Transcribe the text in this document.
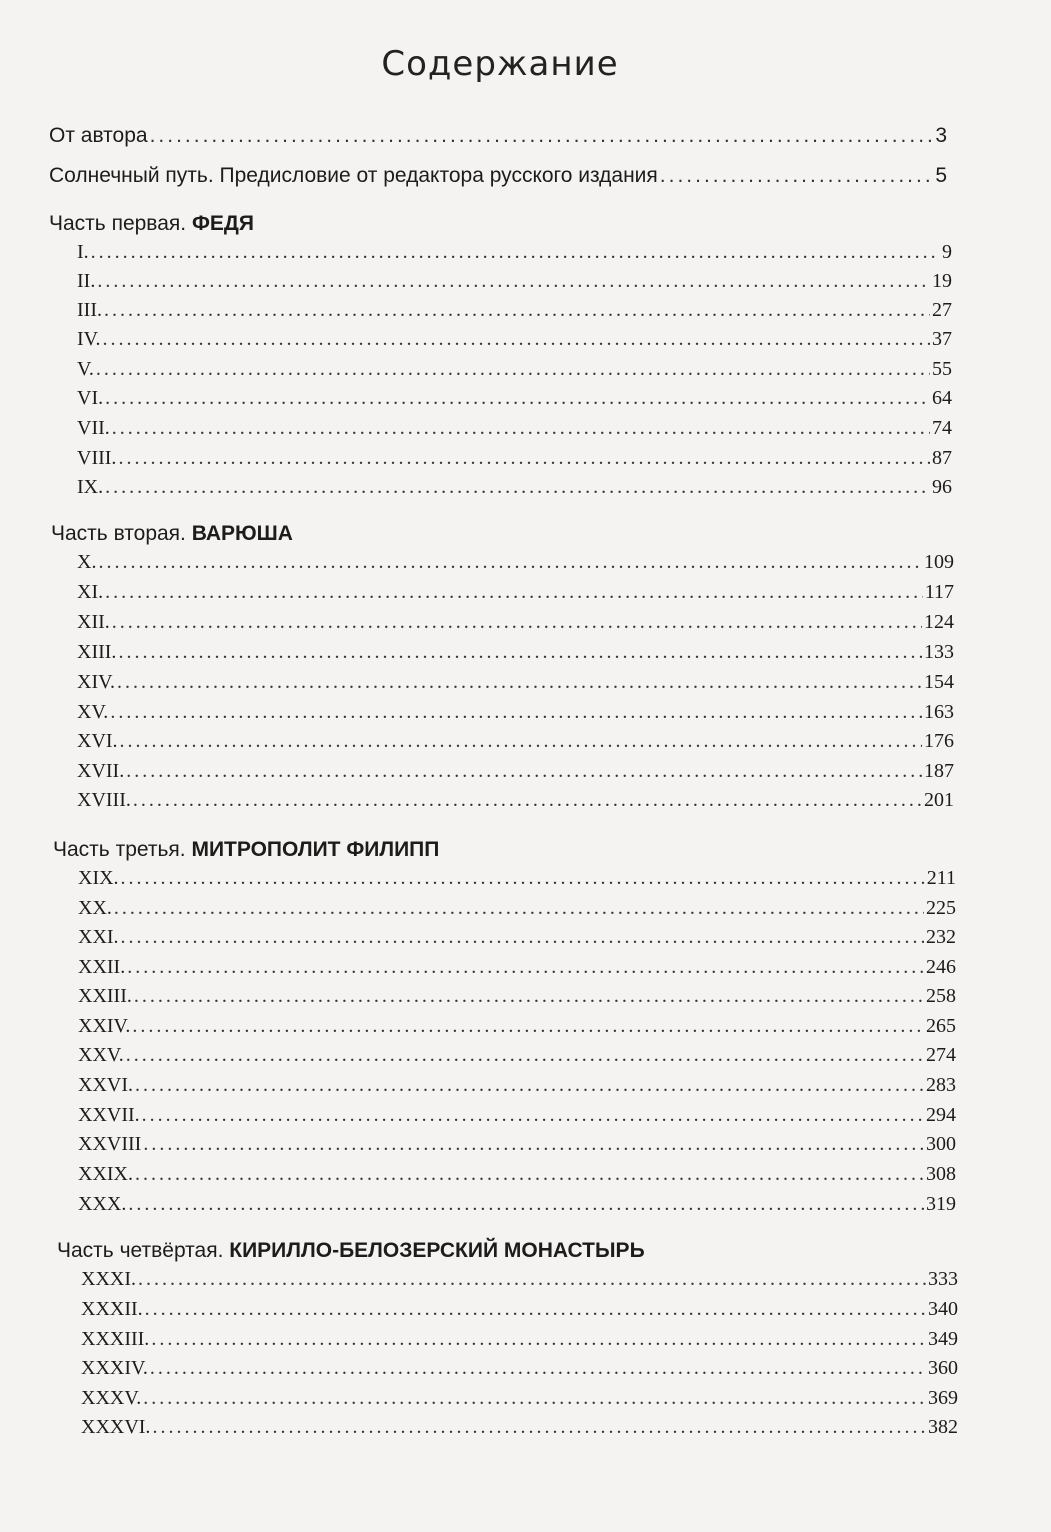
Содержание
От автора .....	3
Солнечный путь. Предисловие от редактора русского издания .....	5
Часть первая. ФЕДЯ
I. .....	9
II. .....	19
III. .....	27
IV. .....	37
V. .....	55
VI. .....	64
VII. .....	74
VIII. .....	87
IX. .....	96
Часть вторая. ВАРЮША
X. .....	109
XI. .....	117
XII. .....	124
XIII. .....	133
XIV. .....	154
XV. .....	163
XVI. .....	176
XVII. .....	187
XVIII. .....	201
Часть третья. МИТРОПОЛИТ ФИЛИПП
XIX. .....	211
XX. .....	225
XXI. .....	232
XXII. .....	246
XXIII. .....	258
XXIV. .....	265
XXV. .....	274
XXVI. .....	283
XXVII. .....	294
XXVIII .....	300
XXIX. .....	308
XXX. .....	319
Часть четвёртая. КИРИЛЛО-БЕЛОЗЕРСКИЙ МОНАСТЫРЬ
XXXI. .....	333
XXXII. .....	340
XXXIII. .....	349
XXXIV. .....	360
XXXV. .....	369
XXXVI. .....	382
